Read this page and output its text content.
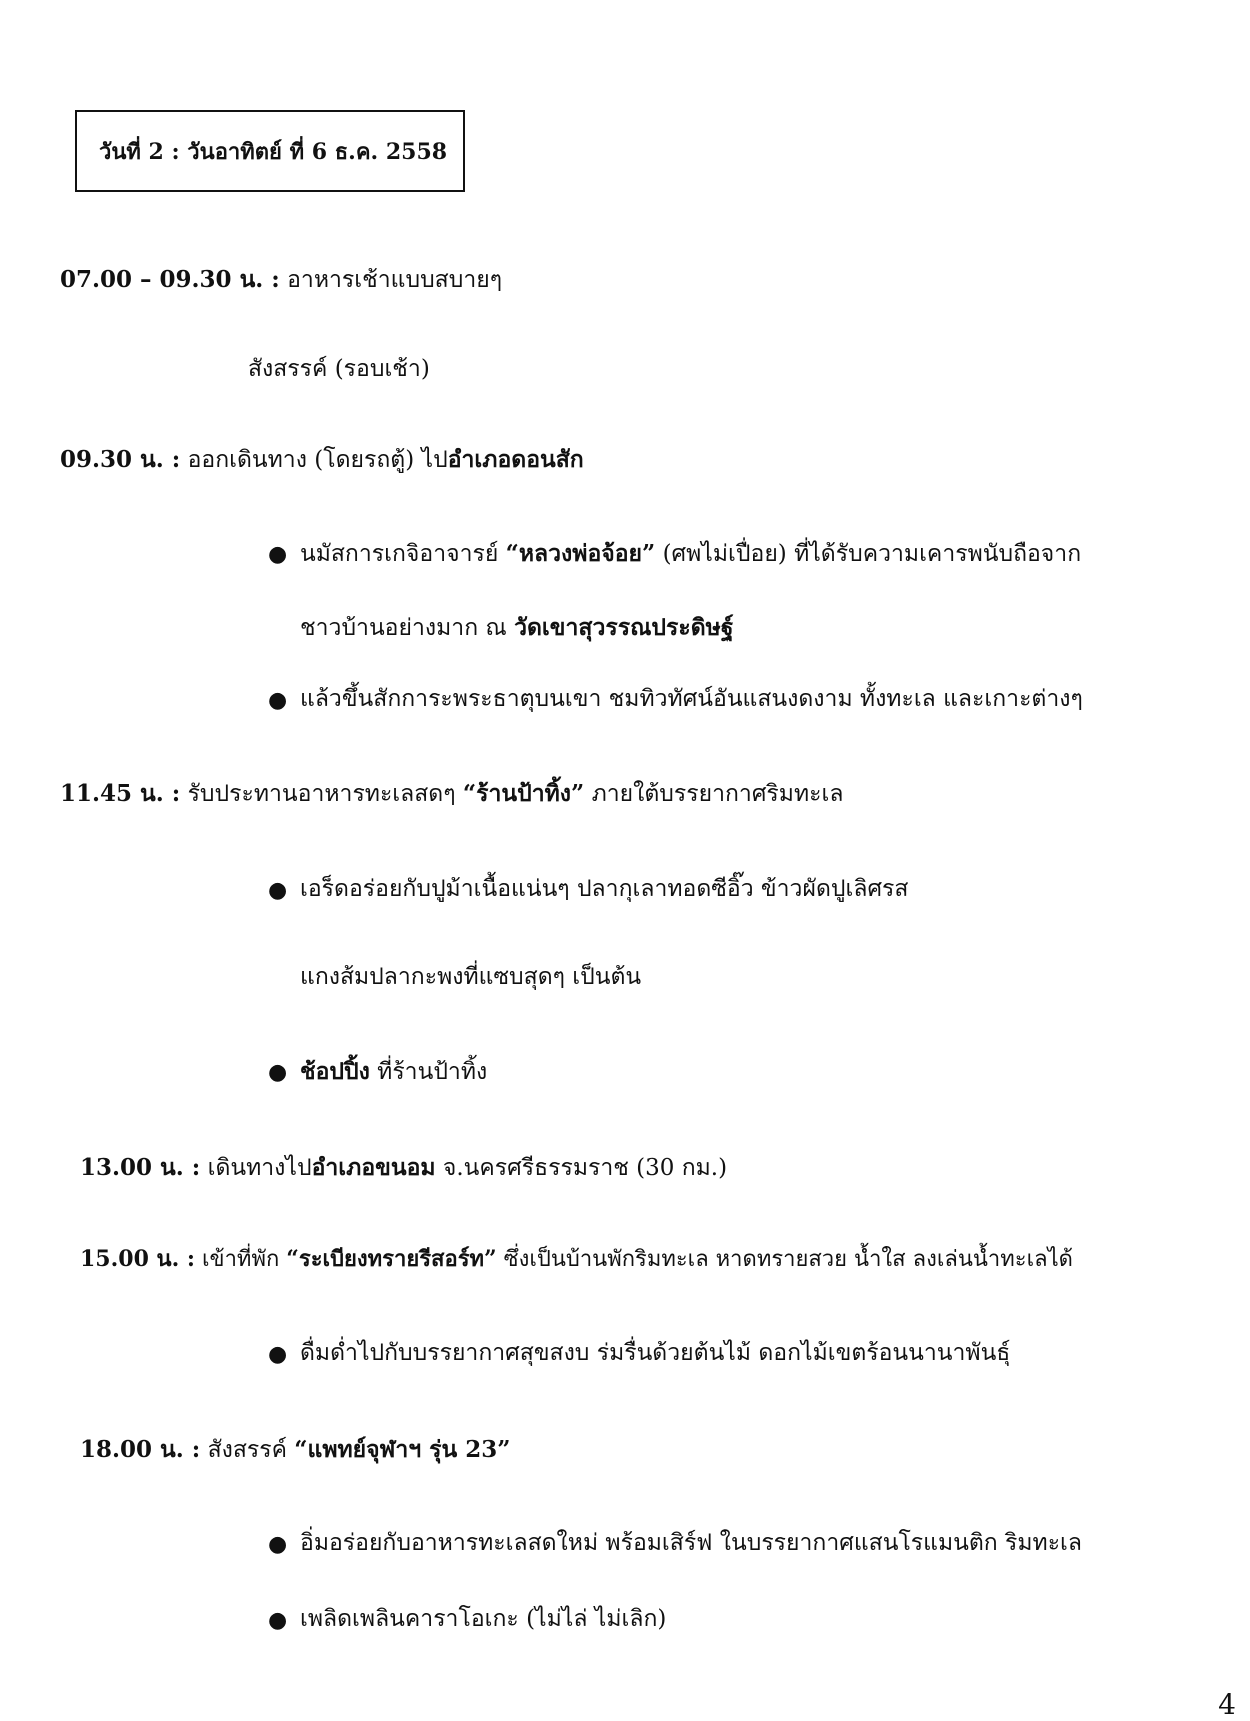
วันที่ 2 : วันอาทิตย์ ที่ 6 ธ.ค. 2558
07.00 – 09.30 น. : อาหารเช้าแบบสบายๆ
สังสรรค์ (รอบเช้า)
09.30 น. : ออกเดินทาง (โดยรถตู้) ไปอำเภอดอนสัก
● นมัสการเกจิอาจารย์ “หลวงพ่อจ้อย” (ศพไม่เปื่อย) ที่ได้รับความเคารพนับถือจาก
ชาวบ้านอย่างมาก ณ วัดเขาสุวรรณประดิษฐ์
● แล้วขึ้นสักการะพระธาตุบนเขา ชมทิวทัศน์อันแสนงดงาม ทั้งทะเล และเกาะต่างๆ
11.45 น. : รับประทานอาหารทะเลสดๆ “ร้านป้าทิ้ง” ภายใต้บรรยากาศริมทะเล
● เอร็ดอร่อยกับปูม้าเนื้อแน่นๆ ปลากุเลาทอดซีอิ๊ว ข้าวผัดปูเลิศรส
แกงส้มปลากะพงที่แซบสุดๆ เป็นต้น
● ช้อปปิ้ง ที่ร้านป้าทิ้ง
13.00 น. : เดินทางไปอำเภอขนอม จ.นครศรีธรรมราช (30 กม.)
15.00 น. : เข้าที่พัก “ระเบียงทรายรีสอร์ท” ซึ่งเป็นบ้านพักริมทะเล หาดทรายสวย น้ำใส ลงเล่นน้ำทะเลได้
● ดื่มด่ำไปกับบรรยากาศสุขสงบ ร่มรื่นด้วยต้นไม้ ดอกไม้เขตร้อนนานาพันธุ์
18.00 น. : สังสรรค์ “แพทย์จุฬาฯ รุ่น 23”
● อิ่มอร่อยกับอาหารทะเลสดใหม่ พร้อมเสิร์ฟ ในบรรยากาศแสนโรแมนติก ริมทะเล
● เพลิดเพลินคาราโอเกะ (ไม่ไล่ ไม่เลิก)
4
